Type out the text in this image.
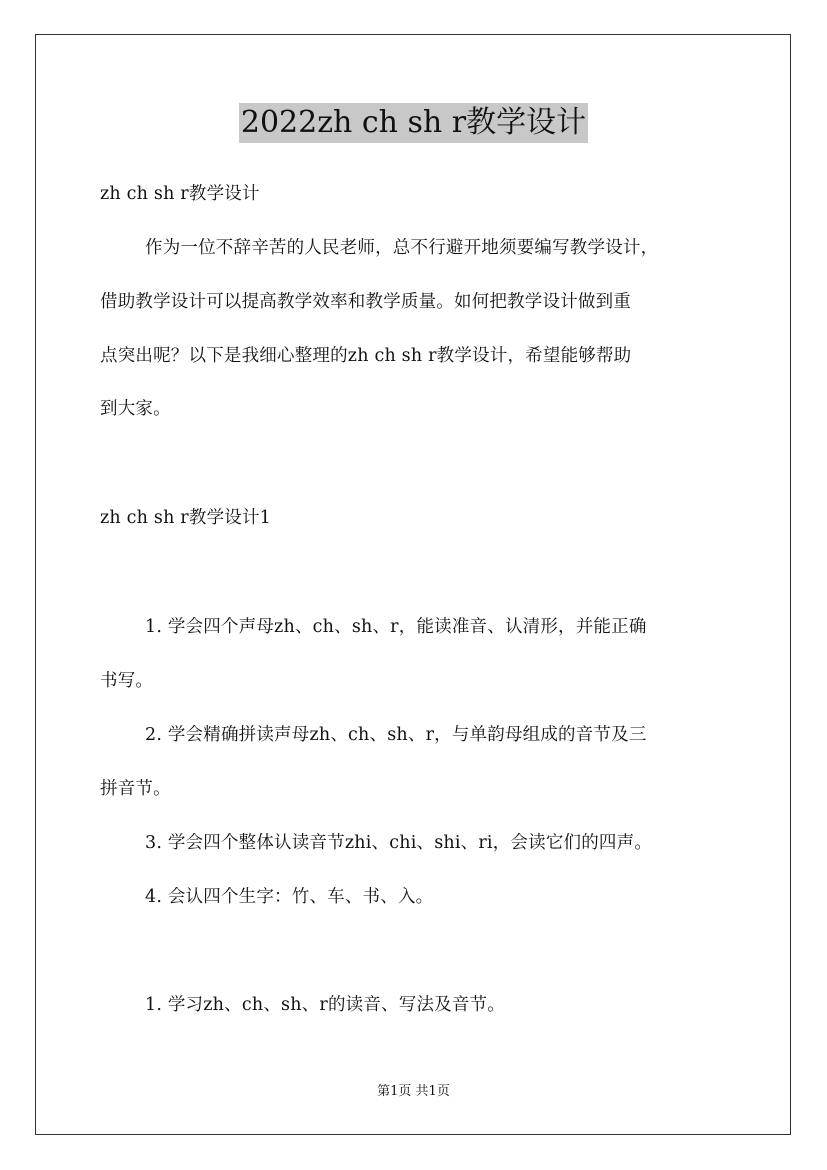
2022zh ch sh r教学设计
zh ch sh r教学设计
作为一位不辞辛苦的人民老师，总不行避开地须要编写教学设计，
借助教学设计可以提高教学效率和教学质量。如何把教学设计做到重
点突出呢？以下是我细心整理的zh ch sh r教学设计，希望能够帮助
到大家。
zh ch sh r教学设计1
1. 学会四个声母zh、ch、sh、r，能读准音、认清形，并能正确
书写。
2. 学会精确拼读声母zh、ch、sh、r，与单韵母组成的音节及三
拼音节。
3. 学会四个整体认读音节zhi、chi、shi、ri，会读它们的四声。
4. 会认四个生字：竹、车、书、入。
1. 学习zh、ch、sh、r的读音、写法及音节。
第1页 共1页
